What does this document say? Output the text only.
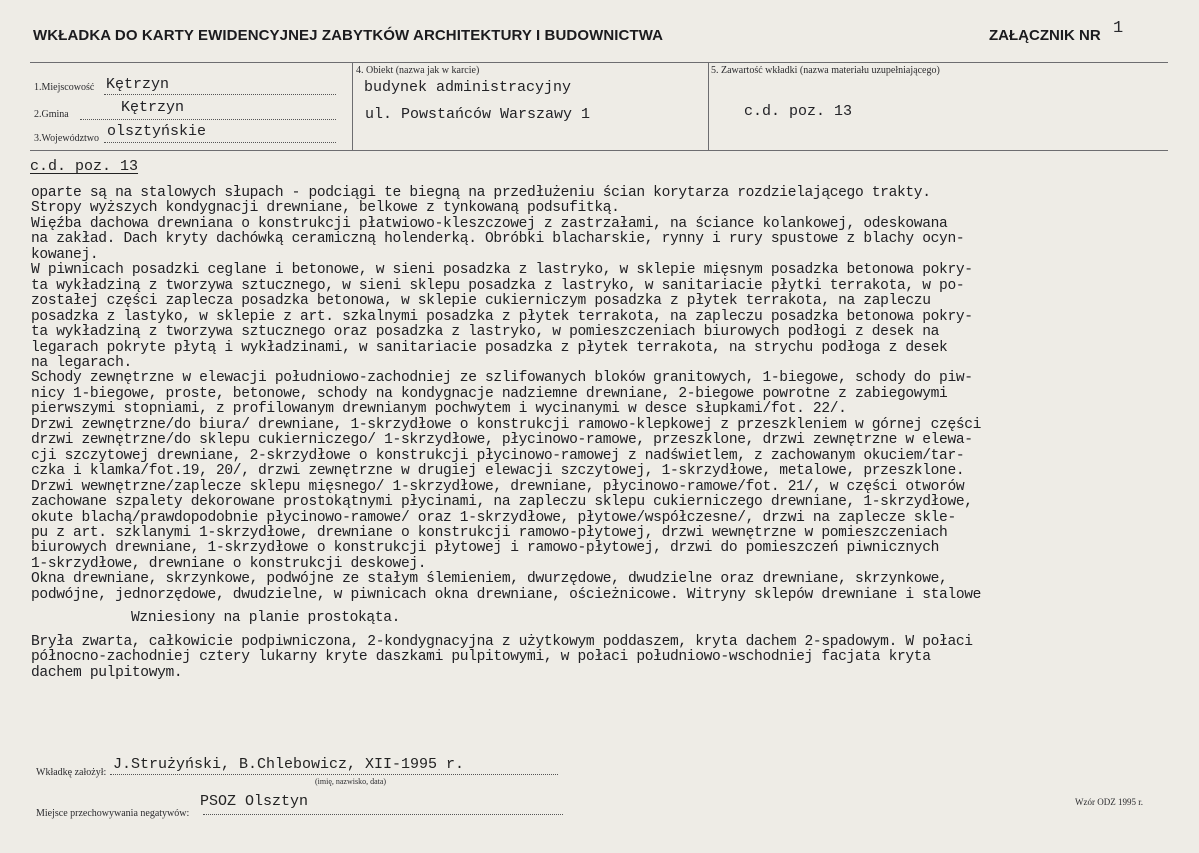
WKŁADKA DO KARTY EWIDENCYJNEJ ZABYTKÓW ARCHITEKTURY I BUDOWNICTWA	ZAŁĄCZNIK NR 1
1.Miejscowość Kętrzyn
2.Gmina	Kętrzyn
3.Województwo olsztyńskie
4. Obiekt (nazwa jak w karcie)
budynek administracyjny
ul. Powstańców Warszawy 1
5. Zawartość wkładki (nazwa materiału uzupełniającego)
c.d. poz. 13
c.d. poz. 13

oparte są na stalowych słupach - podciągi te biegną na przedłużeniu ścian korytarza rozdzielającego trakty.

Stropy wyższych kondygnacji drewniane, belkowe z tynkowaną podsufitką.

Więźba dachowa drewniana o konstrukcji płatwiowo-kleszczowej z zastrzałami, na ściance kolankowej, odeskowana

na zakład. Dach kryty dachówką ceramiczną holenderką. Obróbki blacharskie, rynny i rury spustowe z blachy ocyn-

kowanej.

W piwnicach posadzki ceglane i betonowe, w sieni posadzka z lastryko, w sklepie mięsnym posadzka betonowa pokry-

ta wykładziną z tworzywa sztucznego, w sieni sklepu posadzka z lastryko, w sanitariacie płytki terrakota, w po-

zostałej części zaplecza posadzka betonowa, w sklepie cukierniczym posadzka z płytek terrakota, na zapleczu

posadzka z lastyko, w sklepie z art. szkalnymi posadzka z płytek terrakota, na zapleczu posadzka betonowa pokry-

ta wykładziną z tworzywa sztucznego oraz posadzka z lastryko, w pomieszczeniach biurowych podłogi z desek na

legarach pokryte płytą i wykładzinami, w sanitariacie posadzka z płytek terrakota, na strychu podłoga z desek

na legarach.

Schody zewnętrzne w elewacji południowo-zachodniej ze szlifowanych bloków granitowych, 1-biegowe, schody do piw-

nicy 1-biegowe, proste, betonowe, schody na kondygnacje nadziemne drewniane, 2-biegowe powrotne z zabiegowymi

pierwszymi stopniami, z profilowanym drewnianym pochwytem i wycinanymi w desce słupkami/fot. 22/.

Drzwi zewnętrzne/do biura/ drewniane, 1-skrzydłowe o konstrukcji ramowo-klepkowej z przeszkleniem w górnej części

drzwi zewnętrzne/do sklepu cukierniczego/ 1-skrzydłowe, płycinowo-ramowe, przeszklone, drzwi zewnętrzne w elewa-

cji szczytowej drewniane, 2-skrzydłowe o konstrukcji płycinowo-ramowej z nadświetlem, z zachowanym okuciem/tar-

czka i klamka/fot.19, 20/, drzwi zewnętrzne w drugiej elewacji szczytowej, 1-skrzydłowe, metalowe, przeszklone.

Drzwi wewnętrzne/zaplecze sklepu mięsnego/ 1-skrzydłowe, drewniane, płycinowo-ramowe/fot. 21/, w części otworów

zachowane szpalety dekorowane prostokątnymi płycinami, na zapleczu sklepu cukierniczego drewniane, 1-skrzydłowe,

okute blachą/prawdopodobnie płycinowo-ramowe/ oraz 1-skrzydłowe, płytowe/współczesne/, drzwi na zaplecze skle-

pu z art. szklanymi 1-skrzydłowe, drewniane o konstrukcji ramowo-płytowej, drzwi wewnętrzne w pomieszczeniach

biurowych drewniane, 1-skrzydłowe o konstrukcji płytowej i ramowo-płytowej, drzwi do pomieszczeń piwnicznych

1-skrzydłowe, drewniane o konstrukcji deskowej.

Okna drewniane, skrzynkowe, podwójne ze stałym ślemieniem, dwurzędowe, dwudzielne oraz drewniane, skrzynkowe,

podwójne, jednorzędowe, dwudzielne, w piwnicach okna drewniane, ościeżnicowe. Witryny sklepów drewniane i stalowe

Wzniesiony na planie prostokąta.

Bryła zwarta, całkowicie podpiwniczona, 2-kondygnacyjna z użytkowym poddaszem, kryta dachem 2-spadowym. W połaci

północno-zachodniej cztery lukarny kryte daszkami pulpitowymi, w połaci południowo-wschodniej facjata kryta

dachem pulpitowym.

Wkładkę założył: J.Strużyński, B.Chlebowicz, XII-1995 r.
(imię, nazwisko, data)
Miejsce przechowywania negatywów:
PSOZ Olsztyn	Wzór ODZ 1995 r.
